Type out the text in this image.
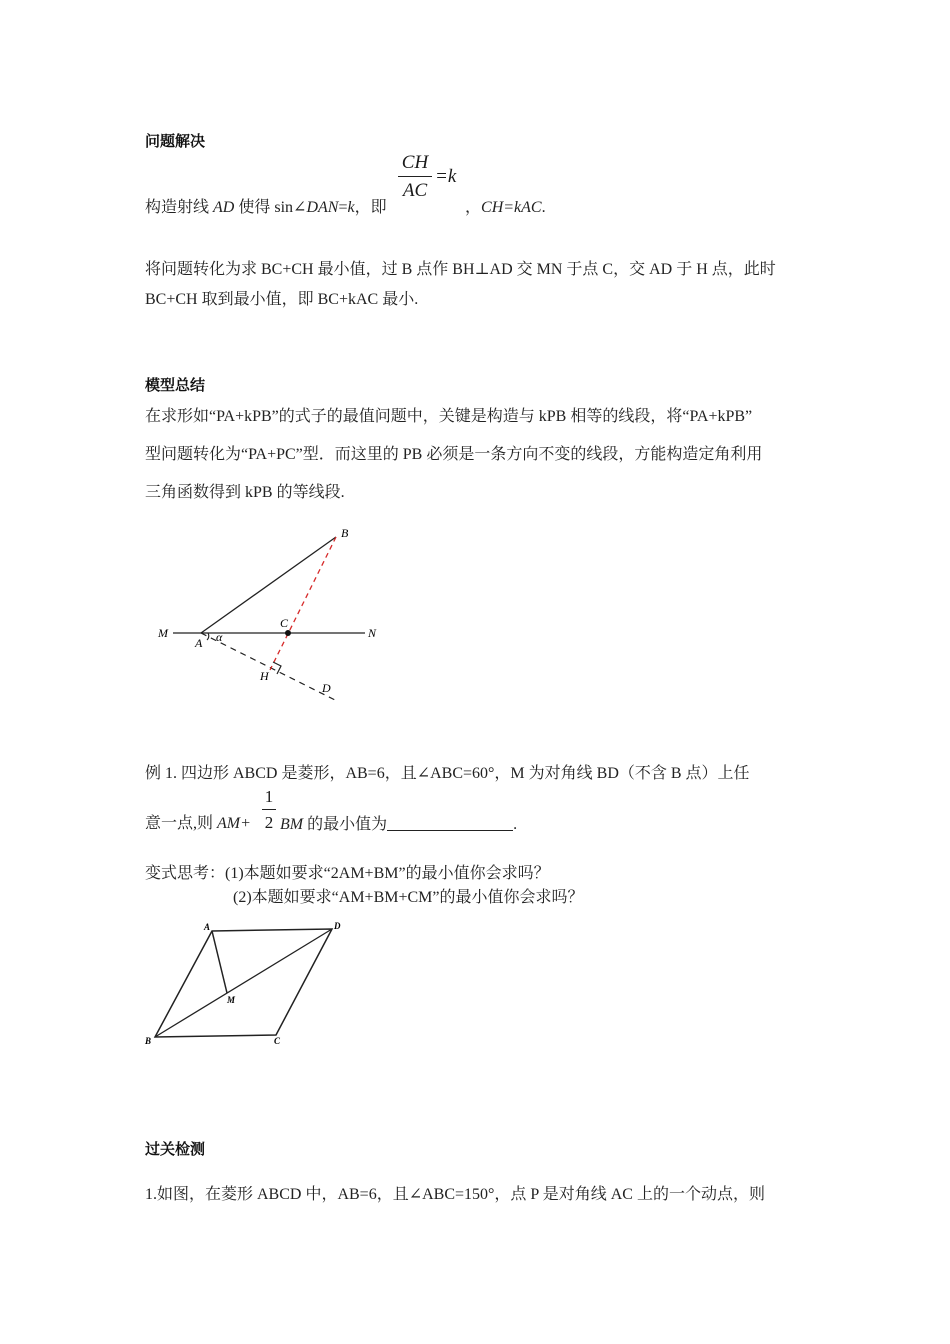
问题解决
CH
AC
=k
构造射线 AD 使得 sin∠DAN=k，即	，CH=kAC.
将问题转化为求 BC+CH 最小值，过 B 点作 BH⊥AD 交 MN 于点 C，交 AD 于 H 点，此时
BC+CH 取到最小值，即 BC+kAC 最小.
模型总结
在求形如“PA+kPB”的式子的最值问题中，关键是构造与 kPB 相等的线段，将“PA+kPB”
型问题转化为“PA+PC”型．而这里的 PB 必须是一条方向不变的线段，方能构造定角利用
三角函数得到 kPB 的等线段.
B
C
M	N
A α
H
D
例 1. 四边形 ABCD 是菱形，AB=6，且∠ABC=60°，M 为对角线 BD（不含 B 点）上任
1
2
意一点,则 AM+ BM 的最小值为	.
变式思考：(1)本题如要求“2AM+BM”的最小值你会求吗？
(2)本题如要求“AM+BM+CM”的最小值你会求吗？
A	D
M
B	C
过关检测
1.如图，在菱形 ABCD 中，AB=6，且∠ABC=150°，点 P 是对角线 AC 上的一个动点，则
